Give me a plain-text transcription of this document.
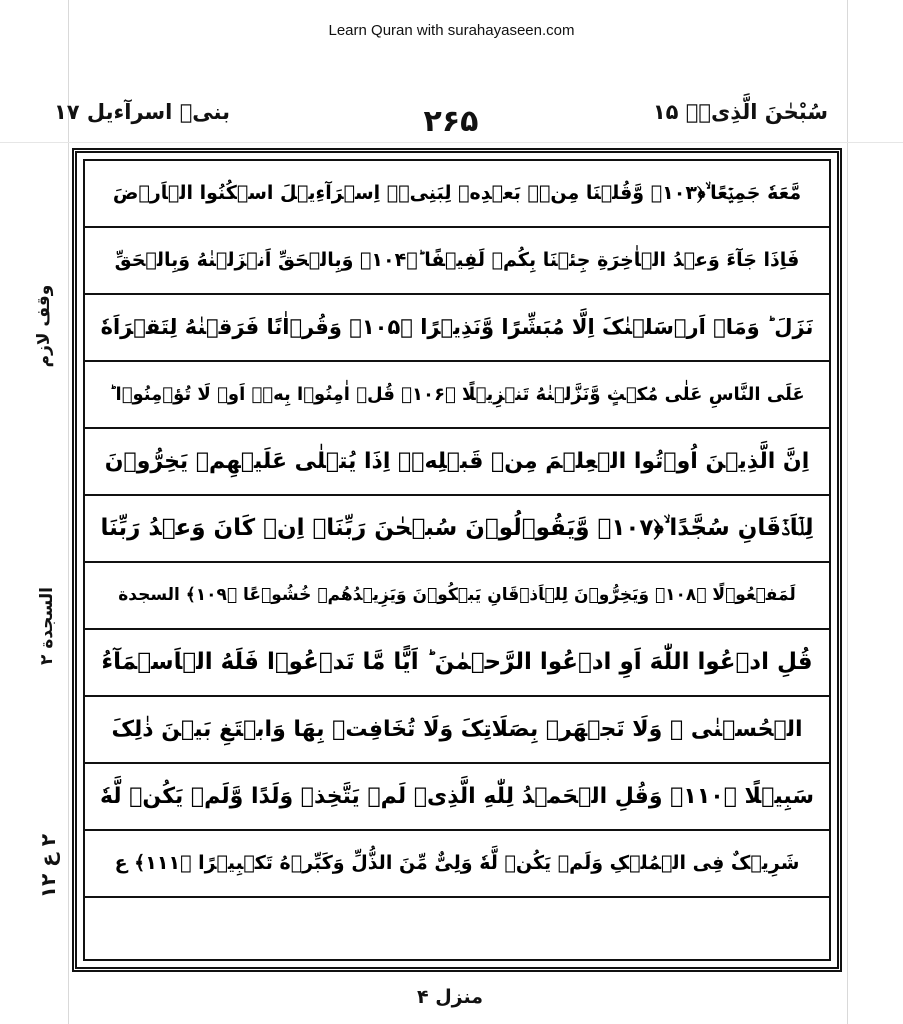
Learn Quran with surahayaseen.com
سُبْحٰنَ الَّذِیۡۤ ۱۵
۲۶۵
بنیۤ اسرآءیل ۱۷
وقف لازم
السجدة ۲
۲ ع ۱۲
مَّعَهٗ جَمِیۡعًا ۙ﴿۱۰۳﴾ وَّقُلۡنَا مِنۡۢ بَعۡدِهٖ لِبَنِیۡۤ اِسۡرَآءِیۡلَ اسۡکُنُوا الۡاَرۡضَ
فَاِذَا جَآءَ وَعۡدُ الۡاٰخِرَةِ جِئۡنَا بِکُمۡ لَفِیۡفًا ؕ﴿۱۰۴﴾ وَبِالۡحَقِّ اَنۡزَلۡنٰهُ وَبِالۡحَقِّ
نَزَلَ ؕ وَمَاۤ اَرۡسَلۡنٰکَ اِلَّا مُبَشِّرًا وَّنَذِیۡرًا ﴿۱۰۵﴾ وَقُرۡاٰنًا فَرَقۡنٰهُ لِتَقۡرَاَهٗ
عَلَی النَّاسِ عَلٰی مُکۡثٍ وَّنَزَّلۡنٰهُ تَنۡزِیۡلًا ﴿۱۰۶﴾ قُلۡ اٰمِنُوۡا بِهٖۤ اَوۡ لَا تُؤۡمِنُوۡا ؕ
اِنَّ الَّذِیۡنَ اُوۡتُوا الۡعِلۡمَ مِنۡ قَبۡلِهٖۤ اِذَا یُتۡلٰی عَلَیۡهِمۡ یَخِرُّوۡنَ
لِلۡاَذۡقَانِ سُجَّدًا ۙ﴿۱۰۷﴾ وَّیَقُوۡلُوۡنَ سُبۡحٰنَ رَبِّنَاۤ اِنۡ کَانَ وَعۡدُ رَبِّنَا
لَمَفۡعُوۡلًا ﴿۱۰۸﴾ وَیَخِرُّوۡنَ لِلۡاَذۡقَانِ یَبۡکُوۡنَ وَیَزِیۡدُهُمۡ خُشُوۡعًا ﴿۱۰۹﴾ السجدة
قُلِ ادۡعُوا اللّٰهَ اَوِ ادۡعُوا الرَّحۡمٰنَ ؕ اَیًّا مَّا تَدۡعُوۡا فَلَهُ الۡاَسۡمَآءُ
الۡحُسۡنٰی ۚ وَلَا تَجۡهَرۡ بِصَلَاتِکَ وَلَا تُخَافِتۡ بِهَا وَابۡتَغِ بَیۡنَ ذٰلِکَ
سَبِیۡلًا ﴿۱۱۰﴾ وَقُلِ الۡحَمۡدُ لِلّٰهِ الَّذِیۡ لَمۡ یَتَّخِذۡ وَلَدًا وَّلَمۡ یَکُنۡ لَّهٗ
شَرِیۡکٌ فِی الۡمُلۡکِ وَلَمۡ یَکُنۡ لَّهٗ وَلِیٌّ مِّنَ الذُّلِّ وَکَبِّرۡهُ تَکۡبِیۡرًا ﴿۱۱۱﴾ ع
منزل ۴
